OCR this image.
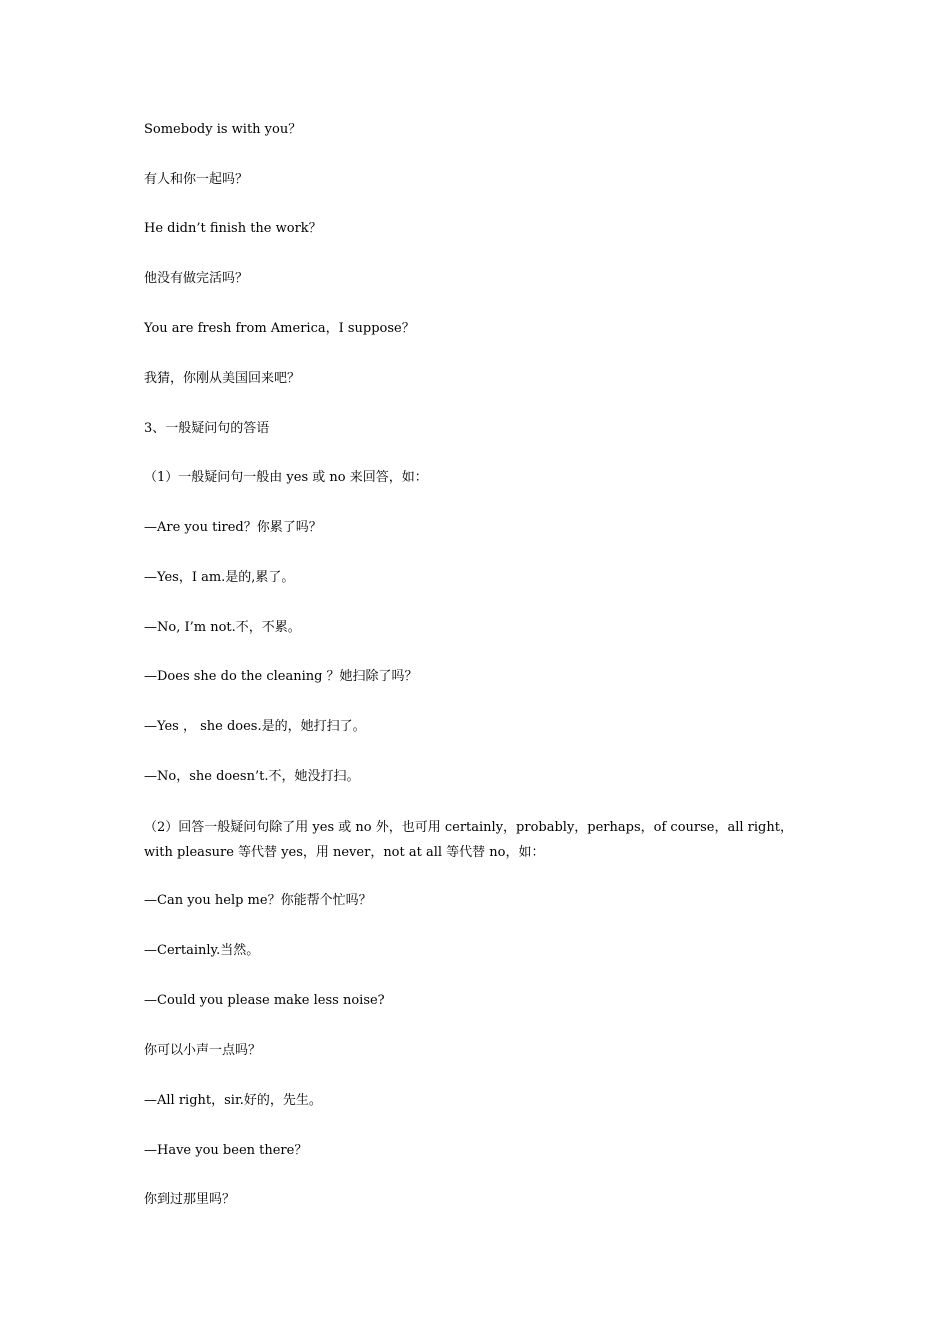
Somebody is with you？
有人和你一起吗？
He didn’t finish the work？
他没有做完活吗？
You are fresh from America，I suppose？
我猜，你刚从美国回来吧？
3、一般疑问句的答语
（1）一般疑问句一般由 yes 或 no 来回答，如：
—Are you tired？你累了吗？
—Yes，I am.是的,累了。
—No, I’m not.不，不累。
—Does she do the cleaning ？她扫除了吗？
—Yes ， she does.是的，她打扫了。
—No，she doesn’t.不，她没打扫。
（2）回答一般疑问句除了用 yes 或 no 外，也可用 certainly，probably，perhaps，of course，all right，with pleasure 等代替 yes，用 never，not at all 等代替 no，如：
—Can you help me？你能帮个忙吗？
—Certainly.当然。
—Could you please make less noise?
你可以小声一点吗？
—All right，sir.好的，先生。
—Have you been there？
你到过那里吗？
